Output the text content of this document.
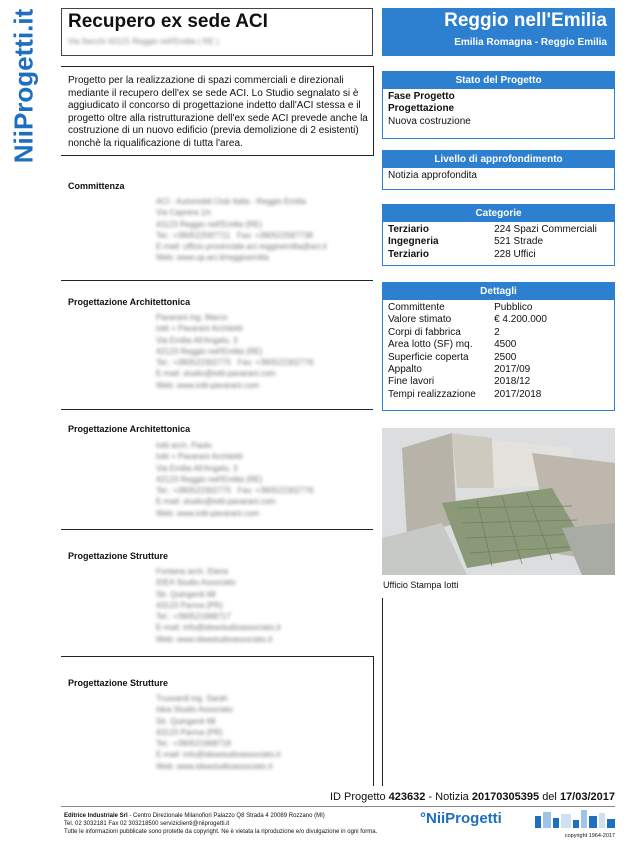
NiiProgetti.it Recupero ex sede ACI
Via Secchi 42121 Reggio nell'Emilia ( RE )
Reggio nell'Emilia
Emilia Romagna - Reggio Emilia
Progetto per la realizzazione di spazi commerciali e direzionali
mediante il recupero dell'ex se sede ACI. Lo Studio segnalato si è
aggiudicato il concorso di progettazione indetto dall'ACI stessa e il
progetto oltre alla ristrutturazione dell'ex sede ACI prevede anche la
costruzione di un nuovo edificio (previa demolizione di 2 esistenti)
nonchè la riqualificazione di tutta l'area.
Committenza
ACI - Automobil Club Italia - Reggio Emilia
Via Caprera 1/c
41123 Reggio nell'Emilia (RE)
Tel.: +390522587711   Fax: +390522587738
E-mail: ufficio.provinciale.aci.reggioemilia@aci.it
Web: www.up.aci.it/reggioemilia
Progettazione Architettonica
Pavarani ing. Marco
Iotti + Pavarani Architetti
Via Emilia All'Angelo, 3
42123 Reggio nell'Emilia (RE)
Tel.: +390522302775   Fax: +390522302776
E-mail: studio@iotti-pavarani.com
Web: www.iotti-pavarani.com
Progettazione Architettonica
Iotti arch. Paolo
Iotti + Pavarani Architetti
Via Emilia All'Angelo, 3
42123 Reggio nell'Emilia (RE)
Tel.: +390522302775   Fax: +390522302776
E-mail: studio@iotti-pavarani.com
Web: www.iotti-pavarani.com
Progettazione Strutture
Fontana arch. Elena
IDEA Studio Associato
Str. Quingenti 68
43123 Parma (PR)
Tel.: +390521968717
E-mail: info@ideastudioassociato.it
Web: www.ideastudioassociato.it
Progettazione Strutture
Trussardi ing. Sarah
Idea Studio Associato
Str. Quingenti 68
43123 Parma (PR)
Tel.: +390521968718
E-mail: info@ideastudioassociato.it
Web: www.ideastudioassociato.it
Stato del Progetto
Fase Progetto
Progettazione
Nuova costruzione
Livello di approfondimento
Notizia approfondita
Categorie
Terziario	224 Spazi Commerciali
Ingegneria	521 Strade
Terziario	228 Uffici
Dettagli
Committente	Pubblico
Valore stimato	€ 4.200.000
Corpi di fabbrica	2
Area lotto (SF) mq.	4500
Superficie coperta	2500
Appalto	2017/09
Fine lavori	2018/12
Tempi realizzazione	2017/2018
Ufficio Stampa Iotti
ID Progetto 423632 - Notizia 20170305395 del 17/03/2017
Editrice Industriale Srl - Centro Direzionale Milanofiori Palazzo Q8 Strada 4 20089 Rozzano (MI)
Tel. 02 3032181 Fax 02 303218500 serviziclienti@niiprogetti.it
Tutte le informazioni pubblicate sono protette da copyright. Ne è vietata la riproduzione e/o divulgazione in ogni forma.
°NiiProgetti
copyright 1964-2017
